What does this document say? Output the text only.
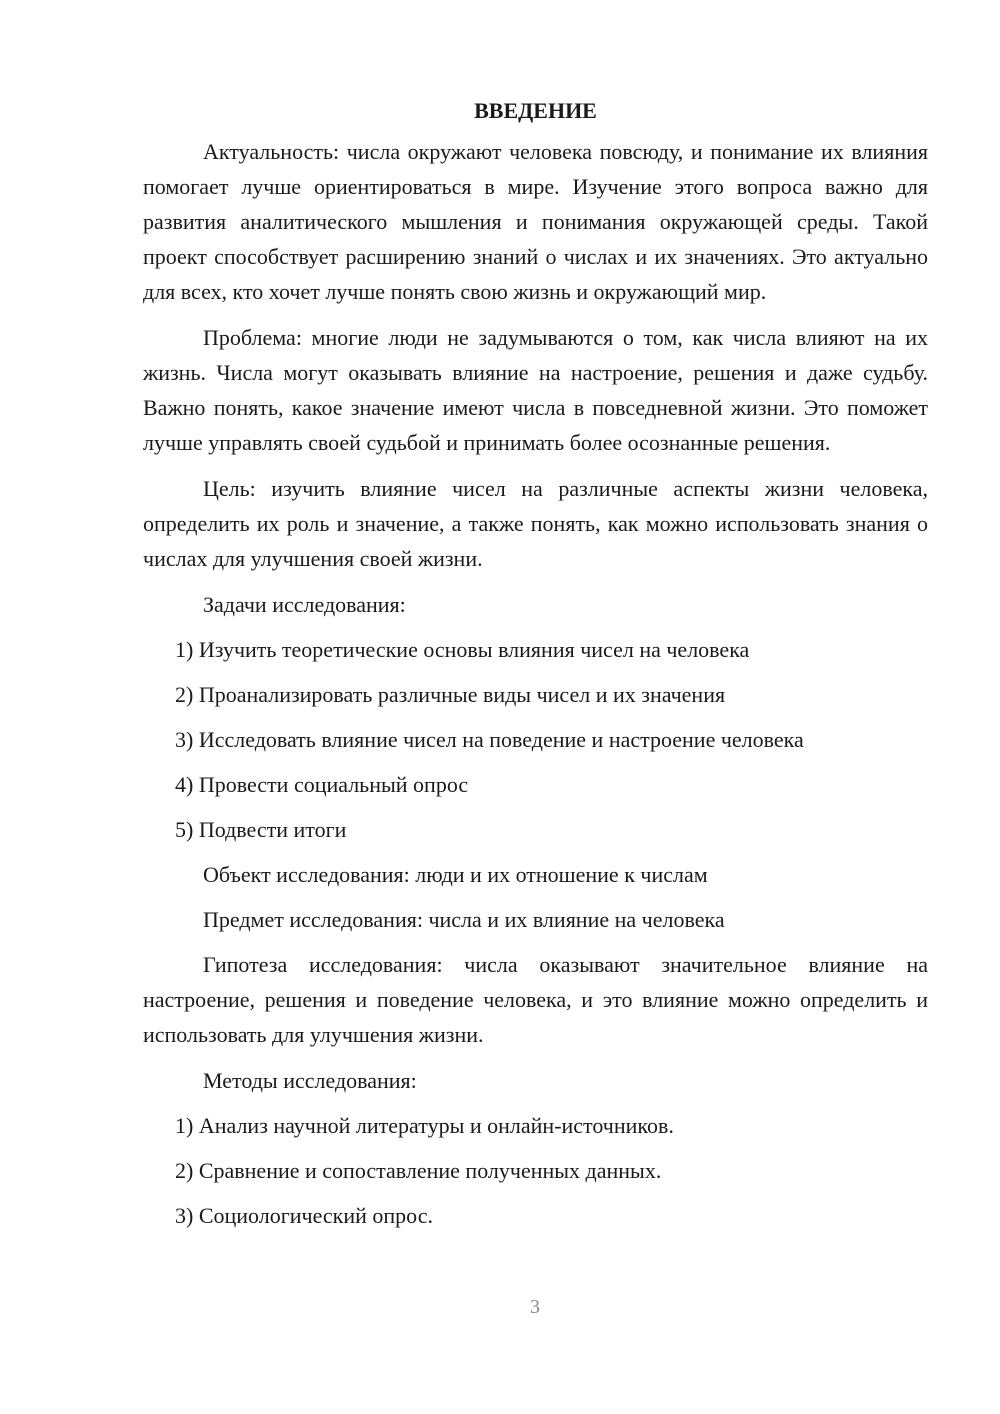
ВВЕДЕНИЕ

Актуальность: числа окружают человека повсюду, и понимание их влияния помогает лучше ориентироваться в мире. Изучение этого вопроса важно для развития аналитического мышления и понимания окружающей среды. Такой проект способствует расширению знаний о числах и их значениях. Это актуально для всех, кто хочет лучше понять свою жизнь и окружающий мир.

Проблема: многие люди не задумываются о том, как числа влияют на их жизнь. Числа могут оказывать влияние на настроение, решения и даже судьбу. Важно понять, какое значение имеют числа в повседневной жизни. Это поможет лучше управлять своей судьбой и принимать более осознанные решения.

Цель: изучить влияние чисел на различные аспекты жизни человека, определить их роль и значение, а также понять, как можно использовать знания о числах для улучшения своей жизни.

Задачи исследования:
1) Изучить теоретические основы влияния чисел на человека
2) Проанализировать различные виды чисел и их значения
3) Исследовать влияние чисел на поведение и настроение человека
4) Провести социальный опрос
5) Подвести итоги
Объект исследования: люди и их отношение к числам
Предмет исследования: числа и их влияние на человека

Гипотеза исследования: числа оказывают значительное влияние на настроение, решения и поведение человека, и это влияние можно определить и использовать для улучшения жизни.

Методы исследования:
1) Анализ научной литературы и онлайн-источников.
2) Сравнение и сопоставление полученных данных.
3) Социологический опрос.
3
